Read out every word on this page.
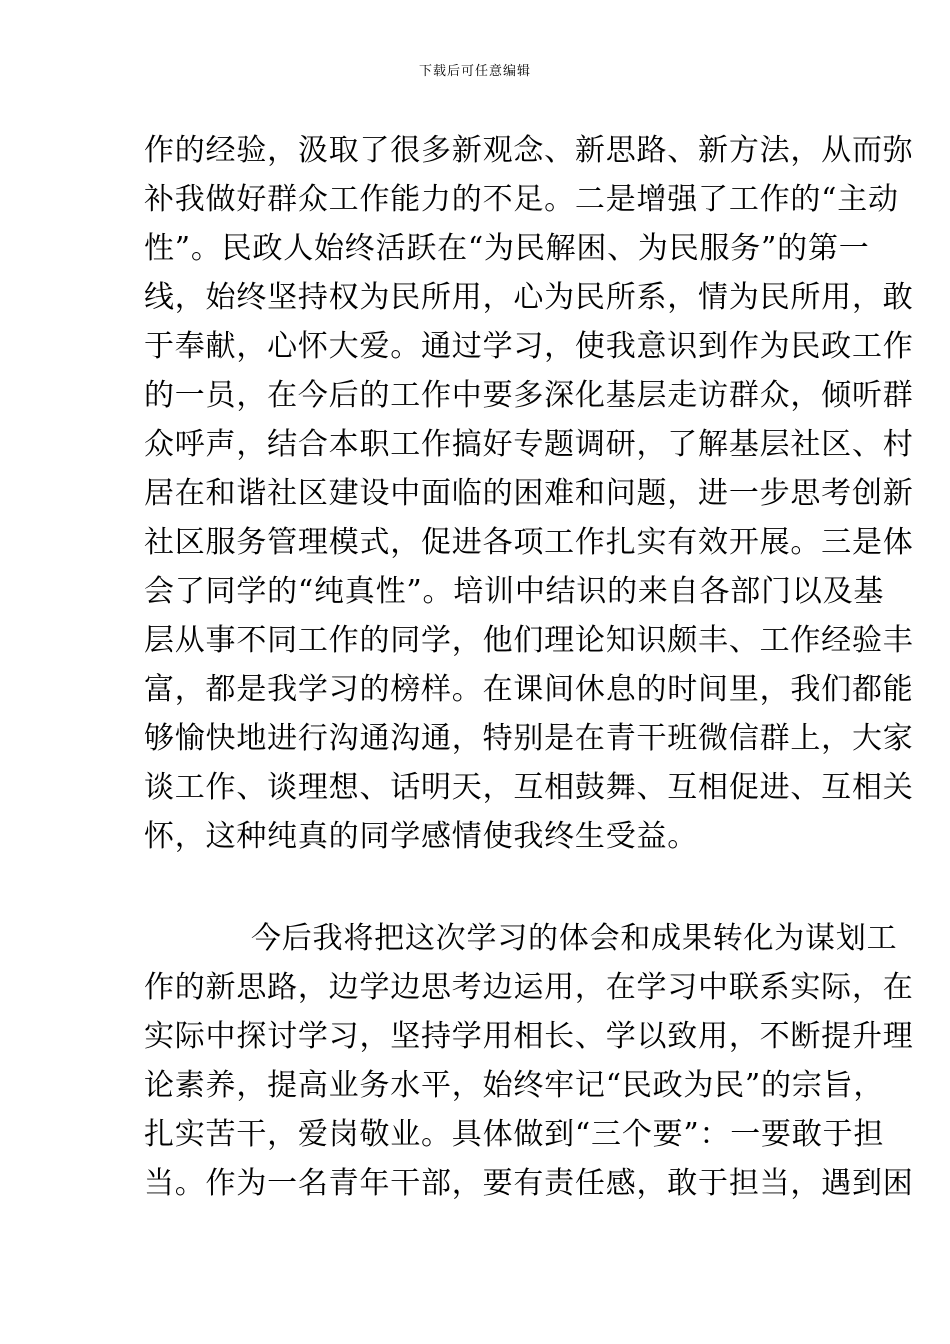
下载后可任意编辑
作的经验，汲取了很多新观念、新思路、新方法，从而弥
补我做好群众工作能力的不足。二是增强了工作的“主动
性”。民政人始终活跃在“为民解困、为民服务”的第一
线，始终坚持权为民所用，心为民所系，情为民所用，敢
于奉献，心怀大爱。通过学习，使我意识到作为民政工作
的一员，在今后的工作中要多深化基层走访群众，倾听群
众呼声，结合本职工作搞好专题调研，了解基层社区、村
居在和谐社区建设中面临的困难和问题，进一步思考创新
社区服务管理模式，促进各项工作扎实有效开展。三是体
会了同学的“纯真性”。培训中结识的来自各部门以及基
层从事不同工作的同学，他们理论知识颇丰、工作经验丰
富，都是我学习的榜样。在课间休息的时间里，我们都能
够愉快地进行沟通沟通，特别是在青干班微信群上，大家
谈工作、谈理想、话明天，互相鼓舞、互相促进、互相关
怀，这种纯真的同学感情使我终生受益。
今后我将把这次学习的体会和成果转化为谋划工
作的新思路，边学边思考边运用，在学习中联系实际，在
实际中探讨学习，坚持学用相长、学以致用，不断提升理
论素养，提高业务水平，始终牢记“民政为民”的宗旨，
扎实苦干，爱岗敬业。具体做到“三个要”：一要敢于担
当。作为一名青年干部，要有责任感，敢于担当，遇到困
